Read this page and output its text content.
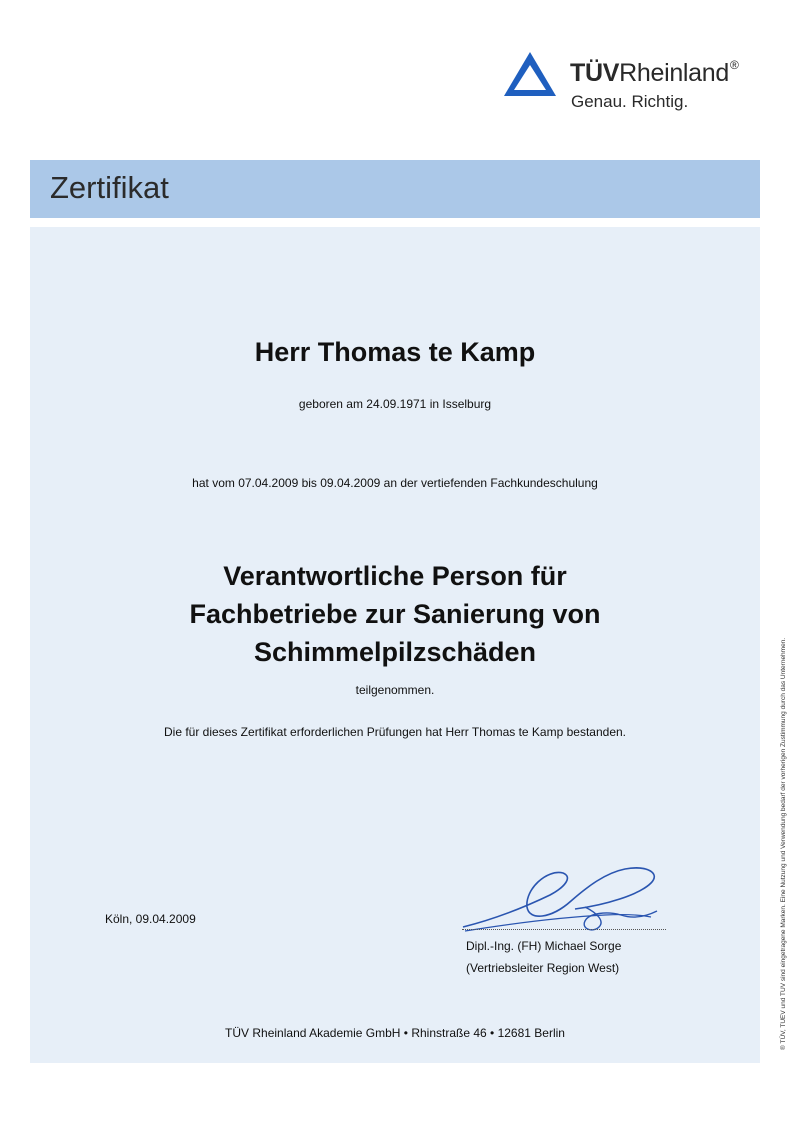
TÜVRheinland®
Genau. Richtig.
Zertifikat
Herr Thomas te Kamp
geboren am 24.09.1971 in Isselburg
hat vom 07.04.2009 bis 09.04.2009 an der vertiefenden Fachkundeschulung
Verantwortliche Person für
Fachbetriebe zur Sanierung von
Schimmelpilzschäden
teilgenommen.
Die für dieses Zertifikat erforderlichen Prüfungen hat Herr Thomas te Kamp bestanden.
Köln, 09.04.2009
Dipl.-Ing. (FH) Michael Sorge
(Vertriebsleiter Region West)
TÜV Rheinland Akademie GmbH • Rhinstraße 46 • 12681 Berlin	® TÜV, TUEV und TUV sind eingetragene Marken. Eine Nutzung und Verwendung bedarf der vorherigen Zustimmung durch das Unternehmen.
